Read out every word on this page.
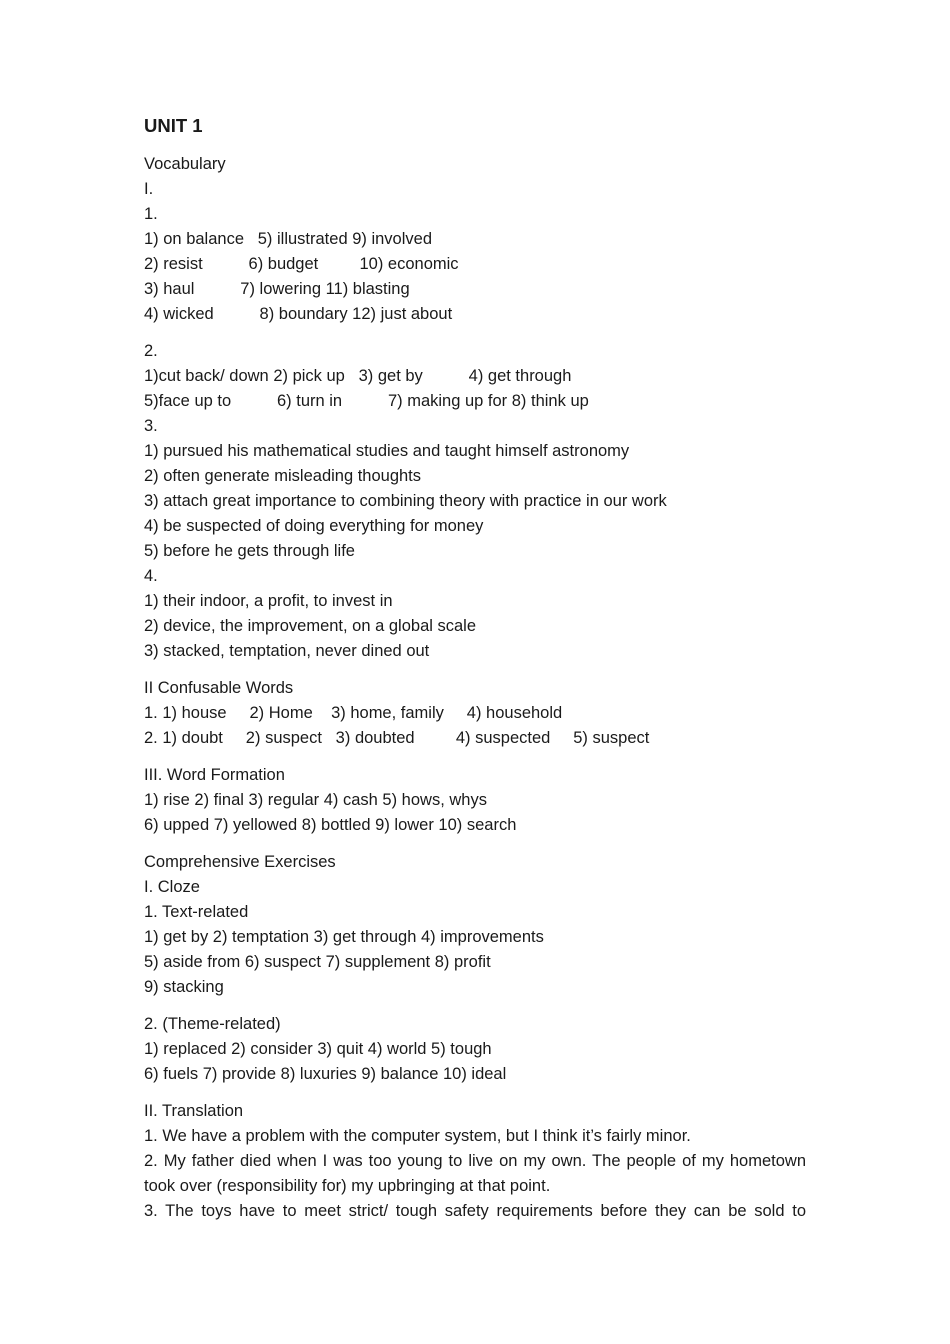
UNIT 1
Vocabulary
I.
1.
1) on balance   5) illustrated 9) involved
2) resist          6) budget         10) economic
3) haul          7) lowering 11) blasting
4) wicked          8) boundary 12) just about
2.
1)cut back/ down 2) pick up   3) get by          4) get through
5)face up to          6) turn in          7) making up for 8) think up
3.
1) pursued his mathematical studies and taught himself astronomy
2) often generate misleading thoughts
3) attach great importance to combining theory with practice in our work
4) be suspected of doing everything for money
5) before he gets through life
4.
1) their indoor, a profit, to invest in
2) device, the improvement, on a global scale
3) stacked, temptation, never dined out
II Confusable Words
1. 1) house     2) Home    3) home, family     4) household
2. 1) doubt     2) suspect   3) doubted         4) suspected     5) suspect
III. Word Formation
1) rise 2) final 3) regular 4) cash 5) hows, whys
6) upped 7) yellowed 8) bottled 9) lower 10) search
Comprehensive Exercises
I. Cloze
1. Text-related
1) get by 2) temptation 3) get through 4) improvements
5) aside from 6) suspect 7) supplement 8) profit
9) stacking
2. (Theme-related)
1) replaced 2) consider 3) quit 4) world 5) tough
6) fuels 7) provide 8) luxuries 9) balance 10) ideal
II. Translation

1. We have a problem with the computer system, but I think it’s fairly minor.

2. My father died when I was too young to live on my own. The people of my hometown took over (responsibility for) my upbringing at that point.

3. The toys have to meet strict/ tough safety requirements before they can be sold to
